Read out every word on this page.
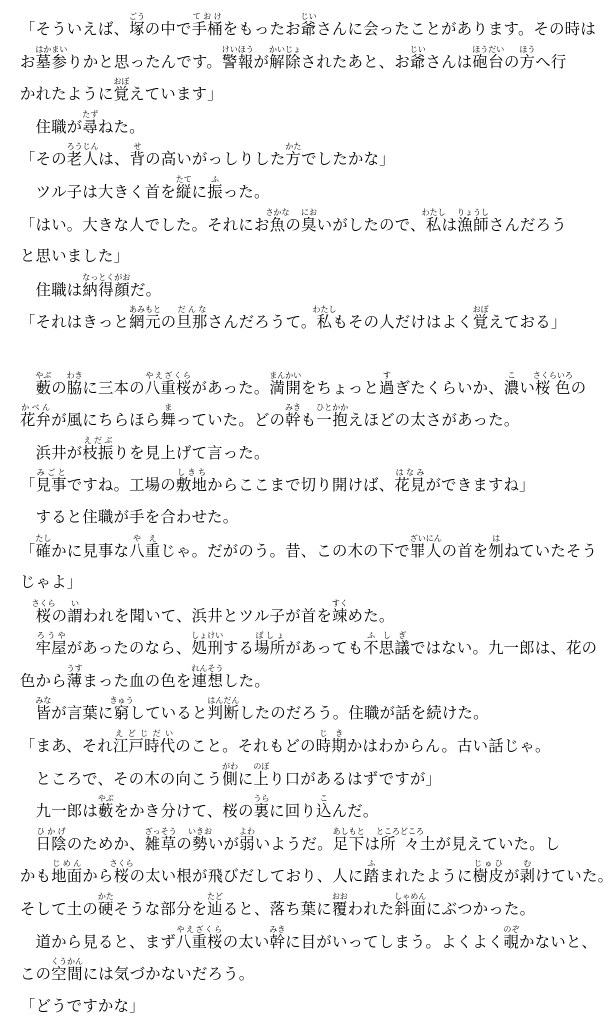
「そういえば、塚ごうの中で手桶ておけをもったお爺じいさんに会ったことがあります。その時は
お墓参はかまいりかと思ったんです。警報けいほうが解除かいじょされたあと、お爺じいさんは砲台ほうだいの方ほうへ行
かれたように覚おぼえています」
　住職が尋たずねた。
「その老人ろうじんは、背せの高いがっしりした方かたでしたかな」
　ツル子は大きく首を縦たてに振ふった。
「はい。大きな人でした。それにお魚さかなの臭においがしたので、私わたしは漁師りょうしさんだろう
と思いました」
　住職は納得顔なっとくがおだ。
「それはきっと網元あみもとの旦那だんなさんだろうて。私わたしもその人だけはよく覚おぼえておる」
　藪やぶの脇わきに三本の八重桜やえざくらがあった。満開まんかいをちょっと過すぎたくらいか、濃こい桜色さくらいろの
花弁かべんが風にちらほら舞まっていた。どの幹みきも一抱ひとかかえほどの太さがあった。
　浜井が枝振えだぶりを見上げて言った。
「見事みごとですね。工場の敷地しきちからここまで切り開けば、花見はなみができますね」
　すると住職が手を合わせた。
「確たしかに見事な八重やえじゃ。だがのう。昔、この木の下で罪人ざいにんの首を刎はねていたそう
じゃよ」
　桜さくらの謂いわれを聞いて、浜井とツル子が首を竦すくめた。
　牢屋ろうやがあったのなら、処刑しょけいする場所ばしょがあっても不思議ふしぎではない。九一郎は、花の
色から薄うすまった血の色を連想れんそうした。
　皆みなが言葉に窮きゅうしていると判断はんだんしたのだろう。住職が話を続けた。
「まあ、それ江戸時代えどじだいのこと。それもどの時期じきかはわからん。古い話じゃ。
　ところで、その木の向こう側がわに上のぼり口があるはずですが」
　九一郎は藪やぶをかき分けて、桜の裏うらに回り込こんだ。
　日陰ひかげのためか、雑草ざっそうの勢いきおいが弱よわいようだ。足下あしもとは所々ところどころ土が見えていた。し
かも地面じめんから桜さくらの太い根が飛びだしており、人に踏ふまれたように樹皮じゅひが剥むけていた。
そして土の硬かたそうな部分を辿たどると、落ち葉に覆おおわれた斜面しゃめんにぶつかった。
　道から見ると、まず八重桜やえざくらの太い幹みきに目がいってしまう。よくよく覗のぞかないと、
この空間くうかんには気づかないだろう。
「どうですかな」
